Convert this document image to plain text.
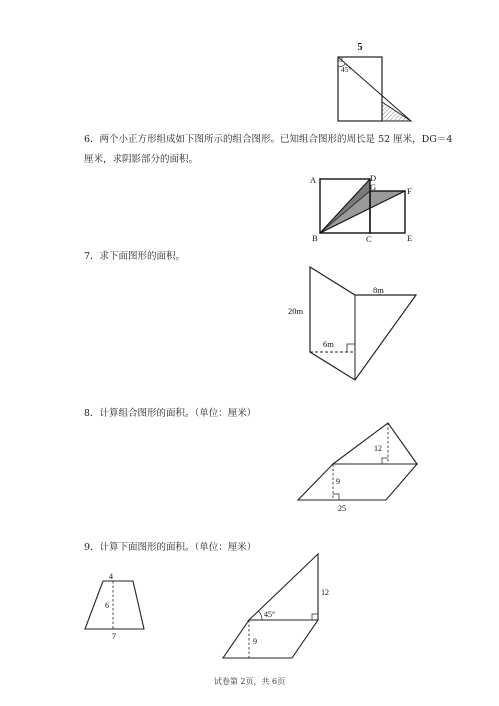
5
45°
6．两个小正方形组成如下图所示的组合图形。已知组合图形的周长是 52 厘米，DG＝4
厘米，求阴影部分的面积。
A	D
G	F
B	C	E
7．求下面图形的面积。
20m
8m
6m
8．计算组合图形的面积。（单位：厘米）
12
9
25
9．计算下面图形的面积。（单位：厘米）
4
6
7
45°
12
9
试卷第 2页，共 6页
